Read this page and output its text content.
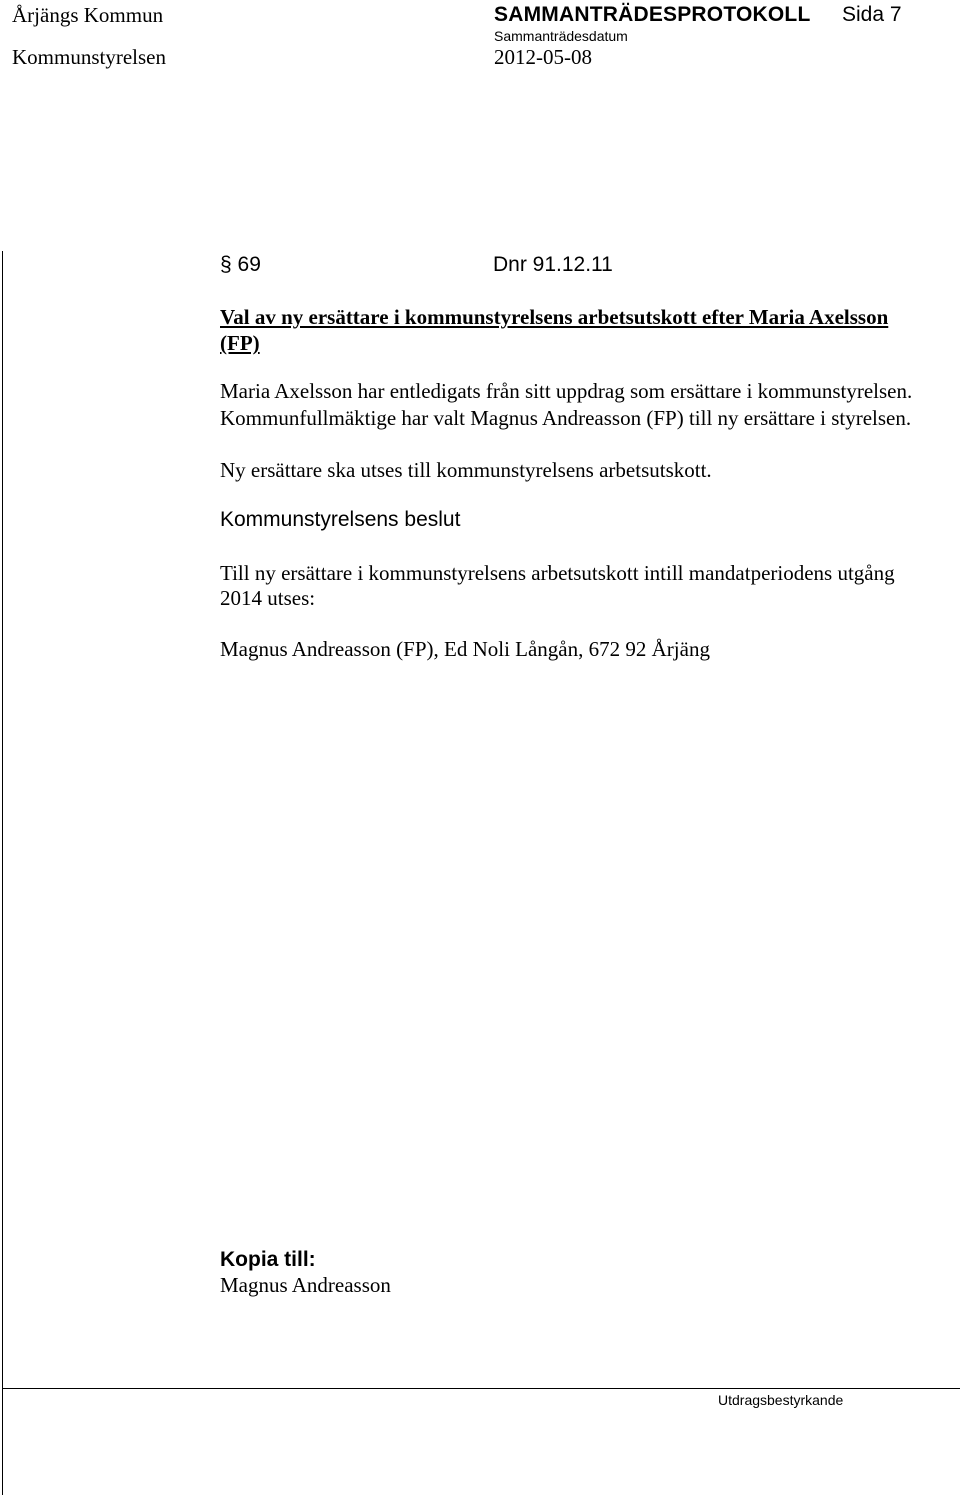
Årjängs Kommun	SAMMANTRÄDESPROTOKOLL Sida 7
Kommunstyrelsen
Sammanträdesdatum
2012-05-08
§ 69	Dnr 91.12.11
Val av ny ersättare i kommunstyrelsens arbetsutskott efter Maria Axelsson
(FP)
Maria Axelsson har entledigats från sitt uppdrag som ersättare i kommunstyrelsen.
Kommunfullmäktige har valt Magnus Andreasson (FP) till ny ersättare i styrelsen.
Ny ersättare ska utses till kommunstyrelsens arbetsutskott.
Kommunstyrelsens beslut
Till ny ersättare i kommunstyrelsens arbetsutskott intill mandatperiodens utgång
2014 utses:
Magnus Andreasson (FP), Ed Noli Långån, 672 92 Årjäng
Kopia till:
Magnus Andreasson
Utdragsbestyrkande
